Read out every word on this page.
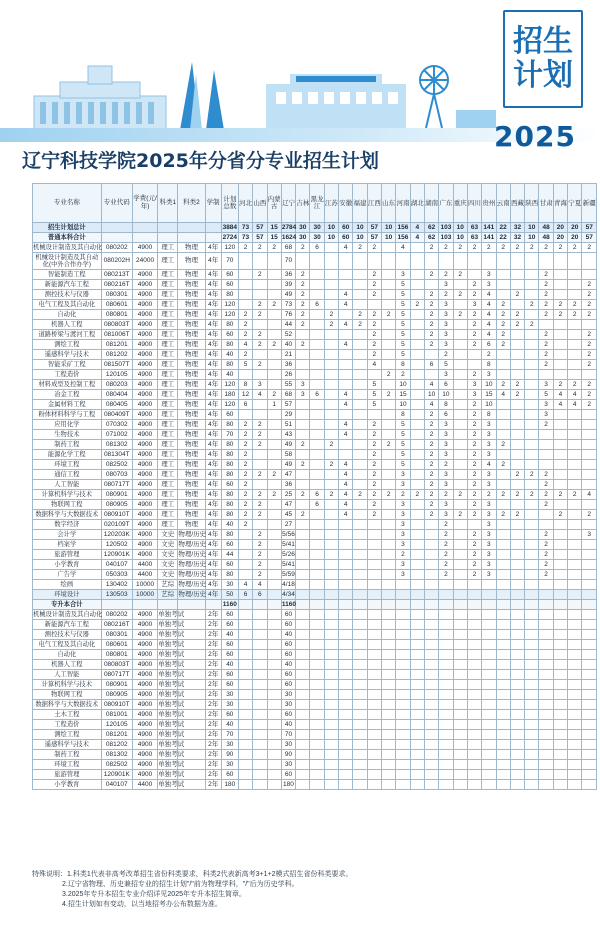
招生
计划
2025
辽宁科技学院2025年分省分专业招生计划
专业名称	专业代码	学费(元/年)	科类1	科类2	学制	计划总数	河北	山西	内蒙古	辽宁	吉林	黑龙江	江苏	安徽	福建	江西	山东	河南	湖北	湖南	广东	重庆	四川	贵州	云南	西藏	陕西	甘肃	青海	宁夏	新疆
招生计划总计						3884	73	57	15	2784	30	30	10	60	10	57	10	156	4	62	103	10	63	141	22	32	10	48	20	20	57
普通本科合计						2724	73	57	15	1624	30	30	10	60	10	57	10	156	4	62	103	10	63	141	22	32	10	48	20	20	57
机械设计制造及其自动化	080202	4900	理工	物理	4年	120	2	2	2	68	2	6		4	2	2		4		2	2	2	2	2	2	2	2	2	2	2	2
机械设计制造及其自动化(中外合作办学)	080202H	24000	理工	物理	4年	70				70																					
智能制造工程	080213T	4900	理工	物理	4年	60		2		36	2					2		3		2	2	2		3				2			
新能源汽车工程	080216T	4900	理工	物理	4年	60				39	2					2		5			3		2	3				2			2
测控技术与仪器	080301	4900	理工	物理	4年	80				49	2			4		2		5		2	2	2	2	4		2		2			2
电气工程及其自动化	080601	4900	理工	物理	4年	120		2	2	73	2	6		4				5	2	2	3		3	4	2		2	2	2	2	2
自动化	080801	4900	理工	物理	4年	120	2	2		76	2		2		2	2	2	5		2	3	2	2	4	2	2		2	2	2	2
机器人工程	080803T	4900	理工	物理	4年	80	2			44	2		2	4	2	2		5		2	3		2	4	2	2	2				
道路桥梁与渡河工程	081006T	4900	理工	物理	4年	60	2	2		52						2		5		2	3		2	4	2			2			2
测绘工程	081201	4900	理工	物理	4年	80	4	2	2	40	2			4		2		5		2	3		2	6	2			2			2
遥感科学与技术	081202	4900	理工	物理	4年	40	2			21						2		5			2			2				2			2
智能采矿工程	081507T	4900	理工	物理	4年	80	5	2		36						4		8		6	5			8				2			2
工程造价	120105	4900	理工	物理	4年	40				26							2	2			3		2	3							
材料成型及控制工程	080203	4900	理工	物理	4年	120	8	3		55	3					5		10		4	6		3	10	2	2		3	2	2	2
冶金工程	080404	4900	理工	物理	4年	180	12	4	2	68	3	6		4		5	2	15		10	10		3	15	4	2		5	4	4	2
金属材料工程	080405	4900	理工	物理	4年	120	6		1	57				4		5		10		4	8		2	10				3	4	4	2
粉体材料科学与工程	080409T	4900	理工	物理	4年	60				29								8		2	6		2	8				3			
应用化学	070302	4900	理工	物理	4年	80	2	2		51				4		2		5		2	3		2	3				2			
生物技术	071002	4900	理工	物理	4年	70	2	2		43				4		2		5		2	3		2	3							
制药工程	081302	4900	理工	物理	4年	80	2	2		49	2		2			2	2	5		2	3		2	3	2						
能源化学工程	081304T	4900	理工	物理	4年	80	2			58						2		5		2	3		2	3							
环境工程	082502	4900	理工	物理	4年	80	2			49	2		2	4		2		5		2	2		2	4	2						
通信工程	080703	4900	理工	物理	4年	80	2	2	2	47				4		2		3		2	3		2	3		2	2	2			
人工智能	080717T	4900	理工	物理	4年	60	2			36				4		2		3		2	3		2	3				2			
计算机科学与技术	080901	4900	理工	物理	4年	80	2	2	2	25	2	6	2	4	2	2	2	2	2	2	2	2	2	2	2	2	2	2	2	2	4
物联网工程	080905	4900	理工	物理	4年	80	2	2		47		6		4		2		3		2	3		2	3				2			
数据科学与大数据技术	080910T	4900	理工	物理	4年	80	2	2		45	2			4		2		3		2	3	2	2	3	2	2			2		2
数字经济	020109T	4900	理工	物理	4年	40	2			27								3			2			3							
会计学	120203K	4900	文史	物理/历史	4年	80		2		5/56								3			2		2	3				2			3
档案学	120502	4900	文史	物理/历史	4年	60		2		5/41								3			2		2	3				2			
旅游管理	120901K	4900	文史	物理/历史	4年	44		2		5/26								2			2		2	3				2			
小学教育	040107	4400	文史	物理/历史	4年	60		2		5/41								3			2		2	3				2			
广告学	050303	4400	文史	物理/历史	4年	80		2		5/59								3			2		2	3				2			
绘画	130402	10000	艺综	物理/历史	4年	30	4	4		4/18																					
环境设计	130503	10000	艺综	物理/历史	4年	50	6	6		4/34																					
专升本合计						1160				1160																					
机械设计制造及其自动化	080202	4900	单独考试		2年	60				60																					
新能源汽车工程	080216T	4900	单独考试		2年	60				60																					
测控技术与仪器	080301	4900	单独考试		2年	40				40																					
电气工程及其自动化	080601	4900	单独考试		2年	60				60																					
自动化	080801	4900	单独考试		2年	60				60																					
机器人工程	080803T	4900	单独考试		2年	40				40																					
人工智能	080717T	4900	单独考试		2年	60				60																					
计算机科学与技术	080901	4900	单独考试		2年	60				60																					
物联网工程	080905	4900	单独考试		2年	30				30																					
数据科学与大数据技术	080910T	4900	单独考试		2年	30				30																					
土木工程	081001	4900	单独考试		2年	60				60																					
工程造价	120105	4900	单独考试		2年	40				40																					
测绘工程	081201	4900	单独考试		2年	70				70																					
遥感科学与技术	081202	4900	单独考试		2年	30				30																					
制药工程	081302	4900	单独考试		2年	90				90																					
环境工程	082502	4900	单独考试		2年	30				30																					
旅游管理	120901K	4900	单独考试		2年	60				60																					
小学教育	040107	4400	单独考试		2年	180				180																					
特殊说明：1.科类1代表非高考改革招生省份科类要求，科类2代表新高考3+1+2模式招生省份科类要求。
2.辽宁省物理、历史兼招专业的招生计划"/"前为物理学科，"/"后为历史学科。
3.2025年专升本招生专业介绍详见2025年专升本招生简章。
4.招生计划如有变动，以当地招考办公布数据为准。
